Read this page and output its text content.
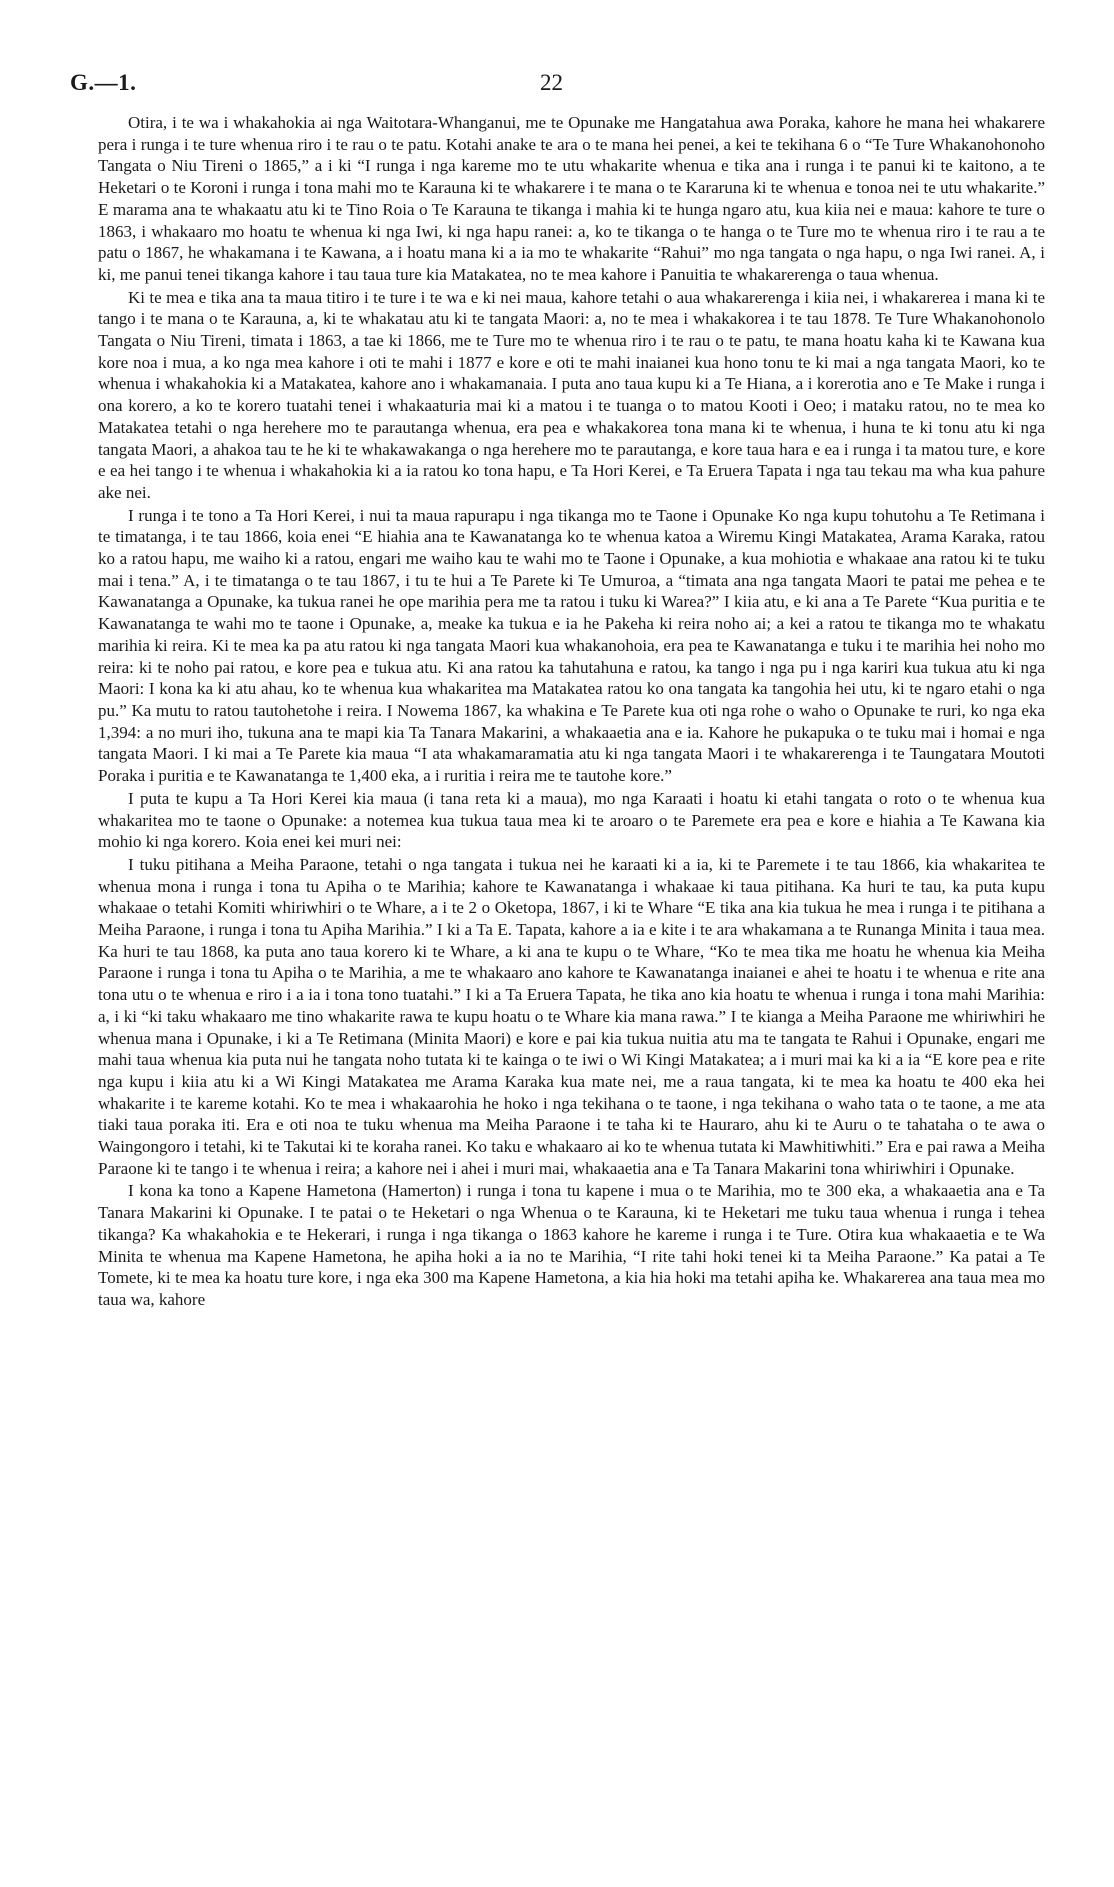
G.—1.	22

Otira, i te wa i whakahokia ai nga Waitotara-Whanganui, me te Opunake me Hangatahua awa Poraka, kahore he mana hei whakarere pera i runga i te ture whenua riro i te rau o te patu. Kotahi anake te ara o te mana hei penei, a kei te tekihana 6 o “Te Ture Whakanohonoho Tangata o Niu Tireni o 1865,” a i ki “I runga i nga kareme mo te utu whakarite whenua e tika ana i runga i te panui ki te kaitono, a te Heketari o te Koroni i runga i tona mahi mo te Karauna ki te whakarere i te mana o te Kararuna ki te whenua e tonoa nei te utu whakarite.” E marama ana te whakaatu atu ki te Tino Roia o Te Karauna te tikanga i mahia ki te hunga ngaro atu, kua kiia nei e maua: kahore te ture o 1863, i whakaaro mo hoatu te whenua ki nga Iwi, ki nga hapu ranei: a, ko te tikanga o te hanga o te Ture mo te whenua riro i te rau a te patu o 1867, he whakamana i te Kawana, a i hoatu mana ki a ia mo te whakarite “Rahui” mo nga tangata o nga hapu, o nga Iwi ranei. A, i ki, me panui tenei tikanga kahore i tau taua ture kia Matakatea, no te mea kahore i Panuitia te whakarerenga o taua whenua.

Ki te mea e tika ana ta maua titiro i te ture i te wa e ki nei maua, kahore tetahi o aua whakarerenga i kiia nei, i whakarerea i mana ki te tango i te mana o te Karauna, a, ki te whakatau atu ki te tangata Maori: a, no te mea i whakakorea i te tau 1878. Te Ture Whakanohonolo Tangata o Niu Tireni, timata i 1863, a tae ki 1866, me te Ture mo te whenua riro i te rau o te patu, te mana hoatu kaha ki te Kawana kua kore noa i mua, a ko nga mea kahore i oti te mahi i 1877 e kore e oti te mahi inaianei kua hono tonu te ki mai a nga tangata Maori, ko te whenua i whakahokia ki a Matakatea, kahore ano i whakamanaia. I puta ano taua kupu ki a Te Hiana, a i korerotia ano e Te Make i runga i ona korero, a ko te korero tuatahi tenei i whakaaturia mai ki a matou i te tuanga o to matou Kooti i Oeo; i mataku ratou, no te mea ko Matakatea tetahi o nga herehere mo te parautanga whenua, era pea e whakakorea tona mana ki te whenua, i huna te ki tonu atu ki nga tangata Maori, a ahakoa tau te he ki te whakawakanga o nga herehere mo te parautanga, e kore taua hara e ea i runga i ta matou ture, e kore e ea hei tango i te whenua i whakahokia ki a ia ratou ko tona hapu, e Ta Hori Kerei, e Ta Eruera Tapata i nga tau tekau ma wha kua pahure ake nei.

I runga i te tono a Ta Hori Kerei, i nui ta maua rapurapu i nga tikanga mo te Taone i Opunake Ko nga kupu tohutohu a Te Retimana i te timatanga, i te tau 1866, koia enei “E hiahia ana te Kawanatanga ko te whenua katoa a Wiremu Kingi Matakatea, Arama Karaka, ratou ko a ratou hapu, me waiho ki a ratou, engari me waiho kau te wahi mo te Taone i Opunake, a kua mohiotia e whakaae ana ratou ki te tuku mai i tena.” A, i te timatanga o te tau 1867, i tu te hui a Te Parete ki Te Umuroa, a “timata ana nga tangata Maori te patai me pehea e te Kawanatanga a Opunake, ka tukua ranei he ope marihia pera me ta ratou i tuku ki Warea?” I kiia atu, e ki ana a Te Parete “Kua puritia e te Kawanatanga te wahi mo te taone i Opunake, a, meake ka tukua e ia he Pakeha ki reira noho ai; a kei a ratou te tikanga mo te whakatu marihia ki reira. Ki te mea ka pa atu ratou ki nga tangata Maori kua whakanohoia, era pea te Kawanatanga e tuku i te marihia hei noho mo reira: ki te noho pai ratou, e kore pea e tukua atu. Ki ana ratou ka tahutahuna e ratou, ka tango i nga pu i nga kariri kua tukua atu ki nga Maori: I kona ka ki atu ahau, ko te whenua kua whakaritea ma Matakatea ratou ko ona tangata ka tangohia hei utu, ki te ngaro etahi o nga pu.” Ka mutu to ratou tautohetohe i reira. I Nowema 1867, ka whakina e Te Parete kua oti nga rohe o waho o Opunake te ruri, ko nga eka 1,394: a no muri iho, tukuna ana te mapi kia Ta Tanara Makarini, a whakaaetia ana e ia. Kahore he pukapuka o te tuku mai i homai e nga tangata Maori. I ki mai a Te Parete kia maua “I ata whakamaramatia atu ki nga tangata Maori i te whakarerenga i te Taungatara Moutoti Poraka i puritia e te Kawanatanga te 1,400 eka, a i ruritia i reira me te tautohe kore.”

I puta te kupu a Ta Hori Kerei kia maua (i tana reta ki a maua), mo nga Karaati i hoatu ki etahi tangata o roto o te whenua kua whakaritea mo te taone o Opunake: a notemea kua tukua taua mea ki te aroaro o te Paremete era pea e kore e hiahia a Te Kawana kia mohio ki nga korero. Koia enei kei muri nei:

I tuku pitihana a Meiha Paraone, tetahi o nga tangata i tukua nei he karaati ki a ia, ki te Paremete i te tau 1866, kia whakaritea te whenua mona i runga i tona tu Apiha o te Marihia; kahore te Kawanatanga i whakaae ki taua pitihana. Ka huri te tau, ka puta kupu whakaae o tetahi Komiti whiriwhiri o te Whare, a i te 2 o Oketopa, 1867, i ki te Whare “E tika ana kia tukua he mea i runga i te pitihana a Meiha Paraone, i runga i tona tu Apiha Marihia.” I ki a Ta E. Tapata, kahore a ia e kite i te ara whakamana a te Runanga Minita i taua mea. Ka huri te tau 1868, ka puta ano taua korero ki te Whare, a ki ana te kupu o te Whare, “Ko te mea tika me hoatu he whenua kia Meiha Paraone i runga i tona tu Apiha o te Marihia, a me te whakaaro ano kahore te Kawanatanga inaianei e ahei te hoatu i te whenua e rite ana tona utu o te whenua e riro i a ia i tona tono tuatahi.” I ki a Ta Eruera Tapata, he tika ano kia hoatu te whenua i runga i tona mahi Marihia: a, i ki “ki taku whakaaro me tino whakarite rawa te kupu hoatu o te Whare kia mana rawa.” I te kianga a Meiha Paraone me whiriwhiri he whenua mana i Opunake, i ki a Te Retimana (Minita Maori) e kore e pai kia tukua nuitia atu ma te tangata te Rahui i Opunake, engari me mahi taua whenua kia puta nui he tangata noho tutata ki te kainga o te iwi o Wi Kingi Matakatea; a i muri mai ka ki a ia “E kore pea e rite nga kupu i kiia atu ki a Wi Kingi Matakatea me Arama Karaka kua mate nei, me a raua tangata, ki te mea ka hoatu te 400 eka hei whakarite i te kareme kotahi. Ko te mea i whakaarohia he hoko i nga tekihana o te taone, i nga tekihana o waho tata o te taone, a me ata tiaki taua poraka iti. Era e oti noa te tuku whenua ma Meiha Paraone i te taha ki te Hauraro, ahu ki te Auru o te tahataha o te awa o Waingongoro i tetahi, ki te Takutai ki te koraha ranei. Ko taku e whakaaro ai ko te whenua tutata ki Mawhitiwhiti.” Era e pai rawa a Meiha Paraone ki te tango i te whenua i reira; a kahore nei i ahei i muri mai, whakaaetia ana e Ta Tanara Makarini tona whiriwhiri i Opunake.

I kona ka tono a Kapene Hametona (Hamerton) i runga i tona tu kapene i mua o te Marihia, mo te 300 eka, a whakaaetia ana e Ta Tanara Makarini ki Opunake. I te patai o te Heketari o nga Whenua o te Karauna, ki te Heketari me tuku taua whenua i runga i tehea tikanga? Ka whakahokia e te Hekerari, i runga i nga tikanga o 1863 kahore he kareme i runga i te Ture. Otira kua whakaaetia e te Wa Minita te whenua ma Kapene Hametona, he apiha hoki a ia no te Marihia, “I rite tahi hoki tenei ki ta Meiha Paraone.” Ka patai a Te Tomete, ki te mea ka hoatu ture kore, i nga eka 300 ma Kapene Hametona, a kia hia hoki ma tetahi apiha ke. Whakarerea ana taua mea mo taua wa, kahore
